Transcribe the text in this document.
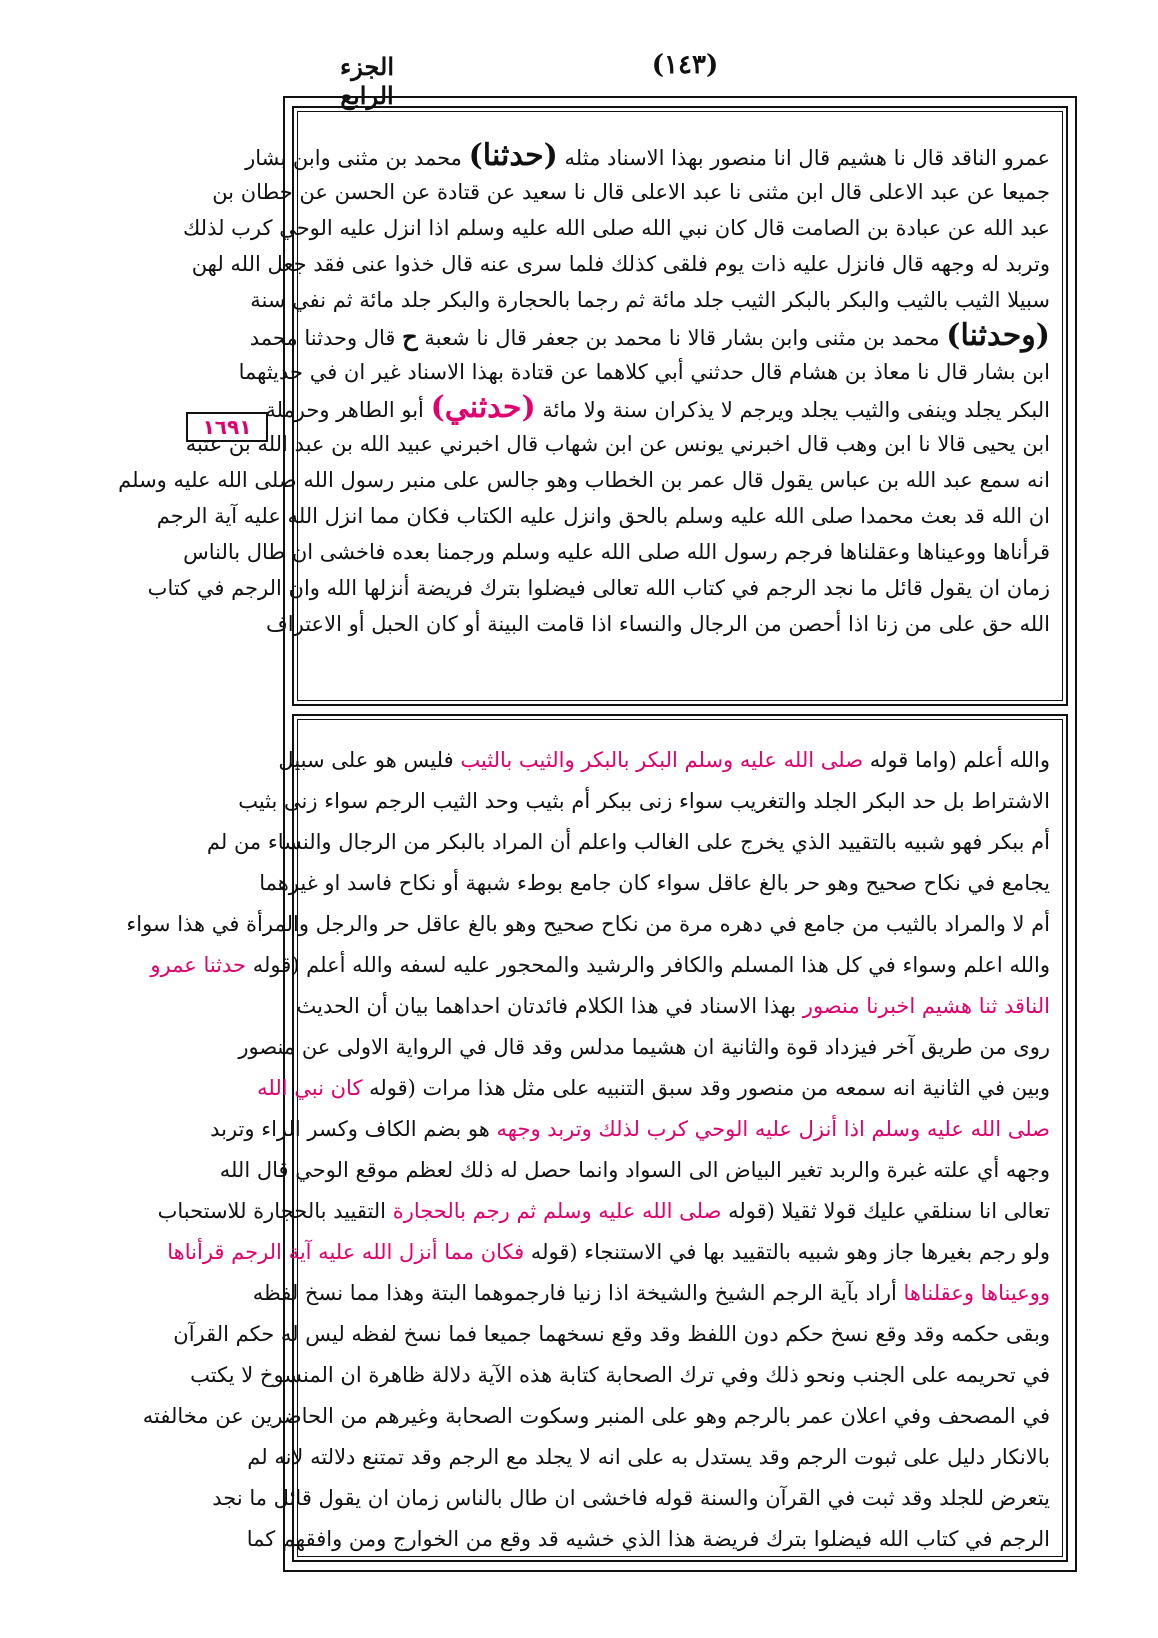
الجزء الرابع
(١٤٣)
١٦٩١
عمرو الناقد قال نا هشيم قال انا منصور بهذا الاسناد مثله (حدثنا) محمد بن مثنى وابن بشار
جميعا عن عبد الاعلى قال ابن مثنى نا عبد الاعلى قال نا سعيد عن قتادة عن الحسن عن حطان بن
عبد الله عن عبادة بن الصامت قال كان نبي الله صلى الله عليه وسلم اذا انزل عليه الوحي كرب لذلك
وتربد له وجهه قال فانزل عليه ذات يوم فلقى كذلك فلما سرى عنه قال خذوا عنى فقد جعل الله لهن
سبيلا الثيب بالثيب والبكر بالبكر الثيب جلد مائة ثم رجما بالحجارة والبكر جلد مائة ثم نفي سنة
(وحدثنا) محمد بن مثنى وابن بشار قالا نا محمد بن جعفر قال نا شعبة ح قال وحدثنا محمد
ابن بشار قال نا معاذ بن هشام قال حدثني أبي كلاهما عن قتادة بهذا الاسناد غير ان في حديثهما
البكر يجلد وينفى والثيب يجلد ويرجم لا يذكران سنة ولا مائة (حدثني) أبو الطاهر وحرملة
ابن يحيى قالا نا ابن وهب قال اخبرني يونس عن ابن شهاب قال اخبرني عبيد الله بن عبد الله بن عتبة
انه سمع عبد الله بن عباس يقول قال عمر بن الخطاب وهو جالس على منبر رسول الله صلى الله عليه وسلم
ان الله قد بعث محمدا صلى الله عليه وسلم بالحق وانزل عليه الكتاب فكان مما انزل الله عليه آية الرجم
قرأناها ووعيناها وعقلناها فرجم رسول الله صلى الله عليه وسلم ورجمنا بعده فاخشى ان طال بالناس
زمان ان يقول قائل ما نجد الرجم في كتاب الله تعالى فيضلوا بترك فريضة أنزلها الله وان الرجم في كتاب
الله حق على من زنا اذا أحصن من الرجال والنساء اذا قامت البينة أو كان الحبل أو الاعتراف
والله أعلم (واما قوله صلى الله عليه وسلم البكر بالبكر والثيب بالثيب فليس هو على سبيل
الاشتراط بل حد البكر الجلد والتغريب سواء زنى ببكر أم بثيب وحد الثيب الرجم سواء زنى بثيب
أم ببكر فهو شبيه بالتقييد الذي يخرج على الغالب واعلم أن المراد بالبكر من الرجال والنساء من لم
يجامع في نكاح صحيح وهو حر بالغ عاقل سواء كان جامع بوطء شبهة أو نكاح فاسد او غيرهما
أم لا والمراد بالثيب من جامع في دهره مرة من نكاح صحيح وهو بالغ عاقل حر والرجل والمرأة في هذا سواء
والله اعلم وسواء في كل هذا المسلم والكافر والرشيد والمحجور عليه لسفه والله أعلم (قوله حدثنا عمرو
الناقد ثنا هشيم اخبرنا منصور بهذا الاسناد في هذا الكلام فائدتان احداهما بيان أن الحديث
روى من طريق آخر فيزداد قوة والثانية ان هشيما مدلس وقد قال في الرواية الاولى عن منصور
وبين في الثانية انه سمعه من منصور وقد سبق التنبيه على مثل هذا مرات (قوله كان نبي الله
صلى الله عليه وسلم اذا أنزل عليه الوحي كرب لذلك وتربد وجهه هو بضم الكاف وكسر الراء وتربد
وجهه أي علته غبرة والربد تغير البياض الى السواد وانما حصل له ذلك لعظم موقع الوحي قال الله
تعالى انا سنلقي عليك قولا ثقيلا (قوله صلى الله عليه وسلم ثم رجم بالحجارة التقييد بالحجارة للاستحباب
ولو رجم بغيرها جاز وهو شبيه بالتقييد بها في الاستنجاء (قوله فكان مما أنزل الله عليه آية الرجم قرأناها
ووعيناها وعقلناها أراد بآية الرجم الشيخ والشيخة اذا زنيا فارجموهما البتة وهذا مما نسخ لفظه
وبقى حكمه وقد وقع نسخ حكم دون اللفظ وقد وقع نسخهما جميعا فما نسخ لفظه ليس له حكم القرآن
في تحريمه على الجنب ونحو ذلك وفي ترك الصحابة كتابة هذه الآية دلالة ظاهرة ان المنسوخ لا يكتب
في المصحف وفي اعلان عمر بالرجم وهو على المنبر وسكوت الصحابة وغيرهم من الحاضرين عن مخالفته
بالانكار دليل على ثبوت الرجم وقد يستدل به على انه لا يجلد مع الرجم وقد تمتنع دلالته لانه لم
يتعرض للجلد وقد ثبت في القرآن والسنة قوله فاخشى ان طال بالناس زمان ان يقول قائل ما نجد
الرجم في كتاب الله فيضلوا بترك فريضة هذا الذي خشيه قد وقع من الخوارج ومن وافقهم كما
